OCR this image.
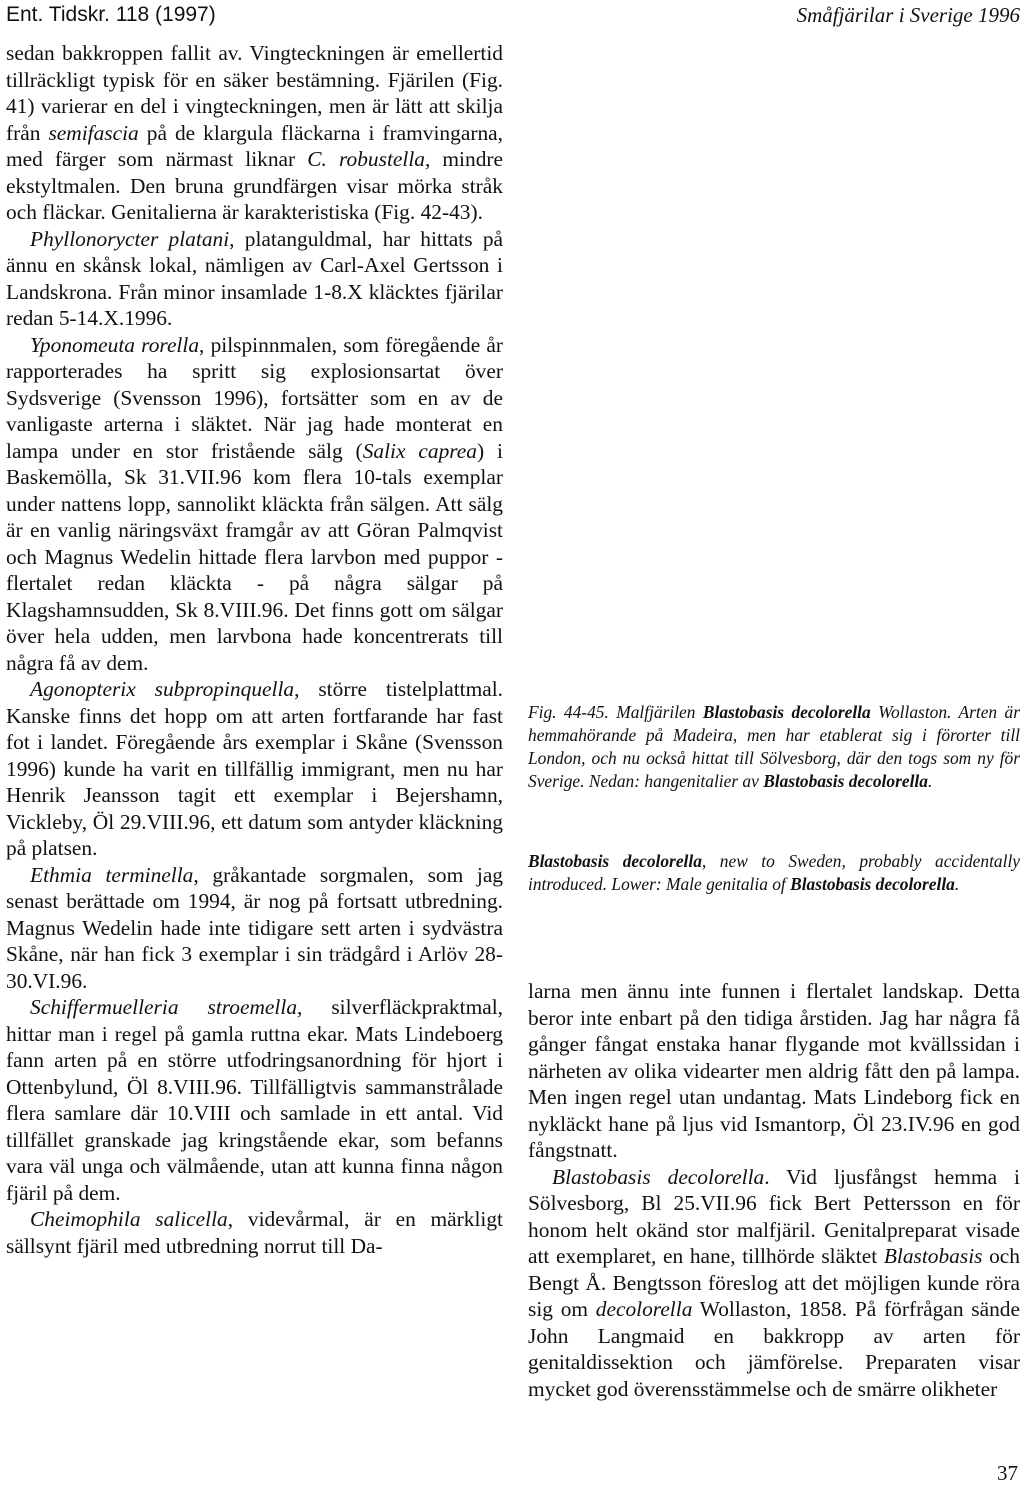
Ent. Tidskr. 118 (1997)	Småfjärilar i Sverige 1996

sedan bakkroppen fallit av. Vingteckningen är emellertid tillräckligt typisk för en säker bestämning. Fjärilen (Fig. 41) varierar en del i vingteckningen, men är lätt att skilja från semifascia på de klargula fläckarna i framvingarna, med färger som närmast liknar C. robustella, mindre ekstyltmalen. Den bruna grundfärgen visar mörka stråk och fläckar. Genitalierna är karakteristiska (Fig. 42-43).

Phyllonorycter platani, platanguldmal, har hittats på ännu en skånsk lokal, nämligen av Carl-Axel Gertsson i Landskrona. Från minor insamlade 1-8.X kläcktes fjärilar redan 5-14.X.1996.

Yponomeuta rorella, pilspinnmalen, som föregående år rapporterades ha spritt sig explosionsartat över Sydsverige (Svensson 1996), fortsätter som en av de vanligaste arterna i släktet. När jag hade monterat en lampa under en stor fristående sälg (Salix caprea) i Baskemölla, Sk 31.VII.96 kom flera 10-tals exemplar under nattens lopp, sannolikt kläckta från sälgen. Att sälg är en vanlig näringsväxt framgår av att Göran Palmqvist och Magnus Wedelin hittade flera larvbon med puppor - flertalet redan kläckta - på några sälgar på Klagshamnsudden, Sk 8.VIII.96. Det finns gott om sälgar över hela udden, men larvbona hade koncentrerats till några få av dem.

Agonopterix subpropinquella, större tistelplattmal. Kanske finns det hopp om att arten fortfarande har fast fot i landet. Föregående års exemplar i Skåne (Svensson 1996) kunde ha varit en tillfällig immigrant, men nu har Henrik Jeansson tagit ett exemplar i Bejershamn, Vickleby, Öl 29.VIII.96, ett datum som antyder kläckning på platsen.

Ethmia terminella, gråkantade sorgmalen, som jag senast berättade om 1994, är nog på fortsatt utbredning. Magnus Wedelin hade inte tidigare sett arten i sydvästra Skåne, när han fick 3 exemplar i sin trädgård i Arlöv 28-30.VI.96.

Schiffermuelleria stroemella, silverfläckpraktmal, hittar man i regel på gamla ruttna ekar. Mats Lindeboerg fann arten på en större utfodringsanordning för hjort i Ottenbylund, Öl 8.VIII.96. Tillfälligtvis sammanstrålade flera samlare där 10.VIII och samlade in ett antal. Vid tillfället granskade jag kringstående ekar, som befanns vara väl unga och välmående, utan att kunna finna någon fjäril på dem.

Cheimophila salicella, videvårmal, är en märkligt sällsynt fjäril med utbredning norrut till Da-

Fig. 44-45. Malfjärilen Blastobasis decolorella Wollaston. Arten är hemmahörande på Madeira, men har etablerat sig i förorter till London, och nu också hittat till Sölvesborg, där den togs som ny för Sverige. Nedan: hangenitalier av Blastobasis decolorella.

Blastobasis decolorella, new to Sweden, probably accidentally introduced. Lower: Male genitalia of Blastobasis decolorella.

larna men ännu inte funnen i flertalet landskap. Detta beror inte enbart på den tidiga årstiden. Jag har några få gånger fångat enstaka hanar flygande mot kvällssidan i närheten av olika videarter men aldrig fått den på lampa. Men ingen regel utan undantag. Mats Lindeborg fick en nykläckt hane på ljus vid Ismantorp, Öl 23.IV.96 en god fångstnatt.

Blastobasis decolorella. Vid ljusfångst hemma i Sölvesborg, Bl 25.VII.96 fick Bert Pettersson en för honom helt okänd stor malfjäril. Genitalpreparat visade att exemplaret, en hane, tillhörde släktet Blastobasis och Bengt Å. Bengtsson föreslog att det möjligen kunde röra sig om decolorella Wollaston, 1858. På förfrågan sände John Langmaid en bakkropp av arten för genitaldissektion och jämförelse. Preparaten visar mycket god överensstämmelse och de smärre olikheter

37
